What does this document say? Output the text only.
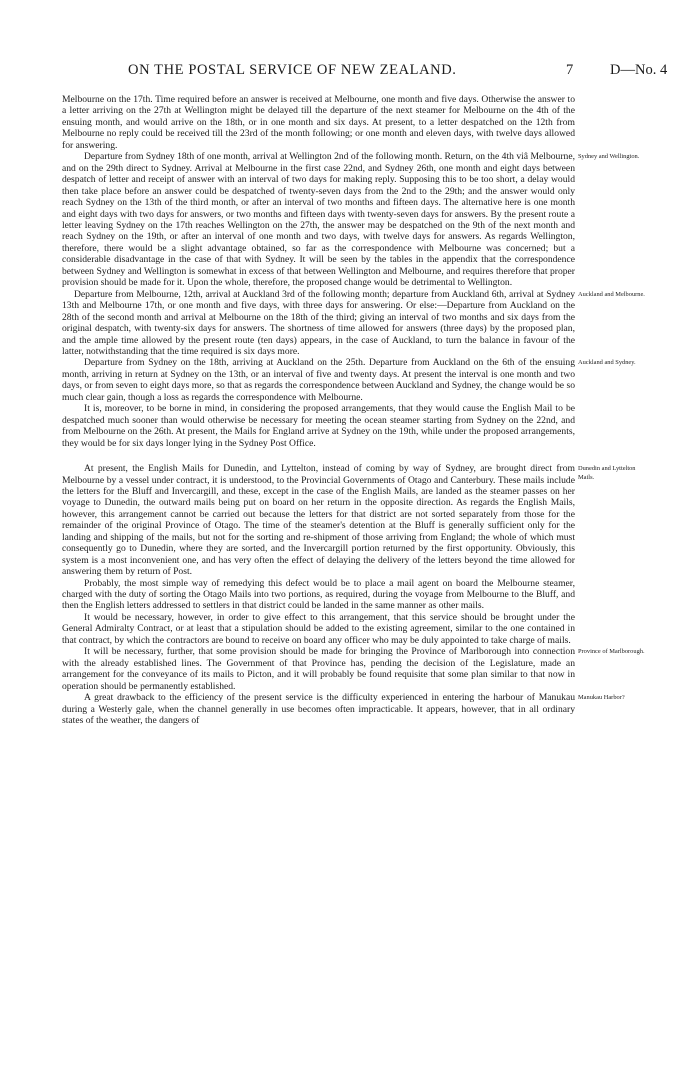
ON THE POSTAL SERVICE OF NEW ZEALAND.	7	D—No. 4

Melbourne on the 17th. Time required before an answer is received at Melbourne, one month and five days. Otherwise the answer to a letter arriving on the 27th at Wellington might be delayed till the departure of the next steamer for Melbourne on the 4th of the ensuing month, and would arrive on the 18th, or in one month and six days. At present, to a letter despatched on the 12th from Melbourne no reply could be received till the 23rd of the month following; or one month and eleven days, with twelve days allowed for answering.

Departure from Sydney 18th of one month, arrival at Wellington 2nd of the following month. Return, on the 4th viâ Melbourne, and on the 29th direct to Sydney. Arrival at Melbourne in the first case 22nd, and Sydney 26th, one month and eight days between despatch of letter and receipt of answer with an interval of two days for making reply. Supposing this to be too short, a delay would then take place before an answer could be despatched of twenty-seven days from the 2nd to the 29th; and the answer would only reach Sydney on the 13th of the third month, or after an interval of two months and fifteen days. The alternative here is one month and eight days with two days for answers, or two months and fifteen days with twenty-seven days for answers. By the present route a letter leaving Sydney on the 17th reaches Wellington on the 27th, the answer may be despatched on the 9th of the next month and reach Sydney on the 19th, or after an interval of one month and two days, with twelve days for answers. As regards Wellington, therefore, there would be a slight advantage obtained, so far as the correspondence with Melbourne was concerned; but a considerable disadvantage in the case of that with Sydney. It will be seen by the tables in the appendix that the correspondence between Sydney and Wellington is somewhat in excess of that between Wellington and Melbourne, and requires therefore that proper provision should be made for it. Upon the whole, therefore, the proposed change would be detrimental to Wellington.

Sydney and Wellington.

Departure from Melbourne, 12th, arrival at Auckland 3rd of the following month; departure from Auckland 6th, arrival at Sydney 13th and Melbourne 17th, or one month and five days, with three days for answering. Or else:—Departure from Auckland on the 28th of the second month and arrival at Melbourne on the 18th of the third; giving an interval of two months and six days from the original despatch, with twenty-six days for answers. The shortness of time allowed for answers (three days) by the proposed plan, and the ample time allowed by the present route (ten days) appears, in the case of Auckland, to turn the balance in favour of the latter, notwithstanding that the time required is six days more.

Auckland and Melbourne.

Departure from Sydney on the 18th, arriving at Auckland on the 25th. Departure from Auckland on the 6th of the ensuing month, arriving in return at Sydney on the 13th, or an interval of five and twenty days. At present the interval is one month and two days, or from seven to eight days more, so that as regards the correspondence between Auckland and Sydney, the change would be so much clear gain, though a loss as regards the correspondence with Melbourne.

Auckland and Sydney.

It is, moreover, to be borne in mind, in considering the proposed arrangements, that they would cause the English Mail to be despatched much sooner than would otherwise be necessary for meeting the ocean steamer starting from Sydney on the 22nd, and from Melbourne on the 26th. At present, the Mails for England arrive at Sydney on the 19th, while under the proposed arrangements, they would be for six days longer lying in the Sydney Post Office.

At present, the English Mails for Dunedin, and Lyttelton, instead of coming by way of Sydney, are brought direct from Melbourne by a vessel under contract, it is understood, to the Provincial Governments of Otago and Canterbury. These mails include the letters for the Bluff and Invercargill, and these, except in the case of the English Mails, are landed as the steamer passes on her voyage to Dunedin, the outward mails being put on board on her return in the opposite direction. As regards the English Mails, however, this arrangement cannot be carried out because the letters for that district are not sorted separately from those for the remainder of the original Province of Otago. The time of the steamer's detention at the Bluff is generally sufficient only for the landing and shipping of the mails, but not for the sorting and re-shipment of those arriving from England; the whole of which must consequently go to Dunedin, where they are sorted, and the Invercargill portion returned by the first opportunity. Obviously, this system is a most inconvenient one, and has very often the effect of delaying the delivery of the letters beyond the time allowed for answering them by return of Post.

Dunedin and Lyttelton
Mails.

Probably, the most simple way of remedying this defect would be to place a mail agent on board the Melbourne steamer, charged with the duty of sorting the Otago Mails into two portions, as required, during the voyage from Melbourne to the Bluff, and then the English letters addressed to settlers in that district could be landed in the same manner as other mails.

It would be necessary, however, in order to give effect to this arrangement, that this service should be brought under the General Admiralty Contract, or at least that a stipulation should be added to the existing agreement, similar to the one contained in that contract, by which the contractors are bound to receive on board any officer who may be duly appointed to take charge of mails.

It will be necessary, further, that some provision should be made for bringing the Province of Marlborough into connection with the already established lines. The Government of that Province has, pending the decision of the Legislature, made an arrangement for the conveyance of its mails to Picton, and it will probably be found requisite that some plan similar to that now in operation should be permanently established.

Province of Marlborough.

A great drawback to the efficiency of the present service is the difficulty experienced in entering the harbour of Manukau during a Westerly gale, when the channel generally in use becomes often impracticable. It appears, however, that in all ordinary states of the weather, the dangers of

Manukau Harbor?
